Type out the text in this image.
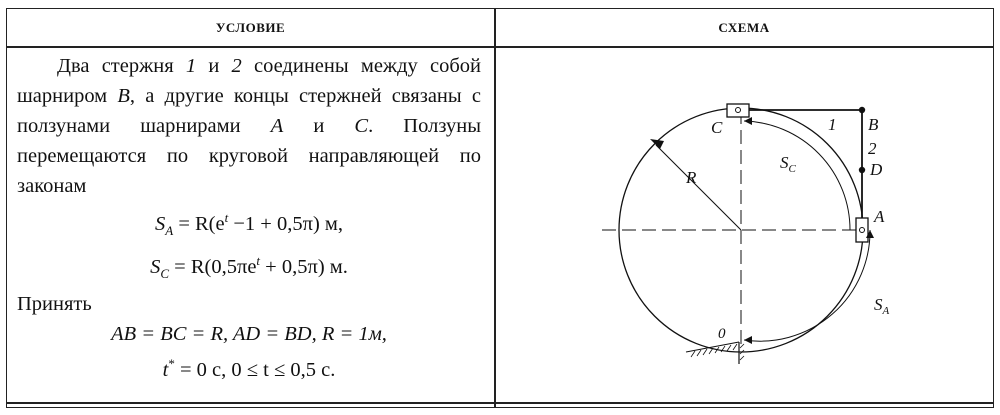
УСЛОВИЕ	СХЕМА

Два стержня 1 и 2 соединены между собой шарниром B, а другие концы стержней связаны с ползунами шарнирами A и C. Ползуны перемещаются по круговой направляющей по законам

$S_A = R(e^t -1 + 0,5\pi)$ м,

$S_C = R(0,5\pi e^t + 0,5\pi)$ м.

Принять

AB = BC = R, AD = BD, R = 1м,

t* = 0 с, 0 ≤ t ≤ 0,5 с.

C	1 B
2
D
A
R
$S_C$
$S_A$
0
